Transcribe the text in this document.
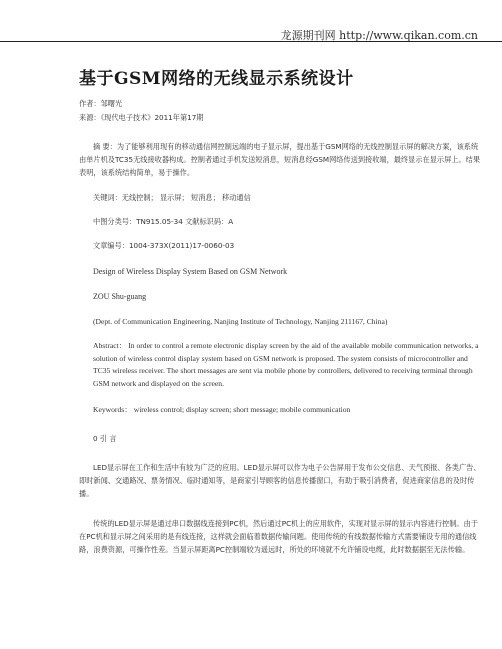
龙源期刊网 http://www.qikan.com.cn
基于GSM网络的无线显示系统设计
作者：邹曙光
来源：《现代电子技术》2011年第17期
摘 要：为了能够利用现有的移动通信网控制远端的电子显示屏，提出基于GSM网络的无线控制显示屏的解决方案，该系统由单片机及TC35无线接收器构成。控制者通过手机发送短消息，短消息经GSM网络传送到接收端，最终显示在显示屏上。结果表明，该系统结构简单，易于操作。
关键词：无线控制； 显示屏； 短消息； 移动通信
中图分类号：TN915.05-34 文献标识码：A
文章编号：1004-373X(2011)17-0060-03
Design of Wireless Display System Based on GSM Network
ZOU Shu-guang
(Dept. of Communication Engineering, Nanjing Institute of Technology, Nanjing 211167, China)
Abstract： In order to control a remote electronic display screen by the aid of the available mobile communication networks, a solution of wireless control display system based on GSM network is proposed. The system consists of microcontroller and TC35 wireless receiver. The short messages are sent via mobile phone by controllers, delivered to receiving terminal through GSM network and displayed on the screen.
Keywords： wireless control; display screen; short message; mobile communication
0 引 言
LED显示屏在工作和生活中有较为广泛的应用。LED显示屏可以作为电子公告屏用于发布公交信息、天气预报、各类广告、即时新闻、交通路况、票务情况、临时通知等，是商家引导顾客的信息传播窗口，有助于吸引消费者，促进商家信息的及时传播。
传统的LED显示屏是通过串口数据线连接到PC机，然后通过PC机上的应用软件，实现对显示屏的显示内容进行控制。由于在PC机和显示屏之间采用的是有线连接，这样就会面临着数据传输问题。使用传统的有线数据传输方式需要铺设专用的通信线路，浪费资源，可操作性差。当显示屏距离PC控制端较为遥远时，所处的环境就不允许铺设电缆，此时数据据至无法传输。
